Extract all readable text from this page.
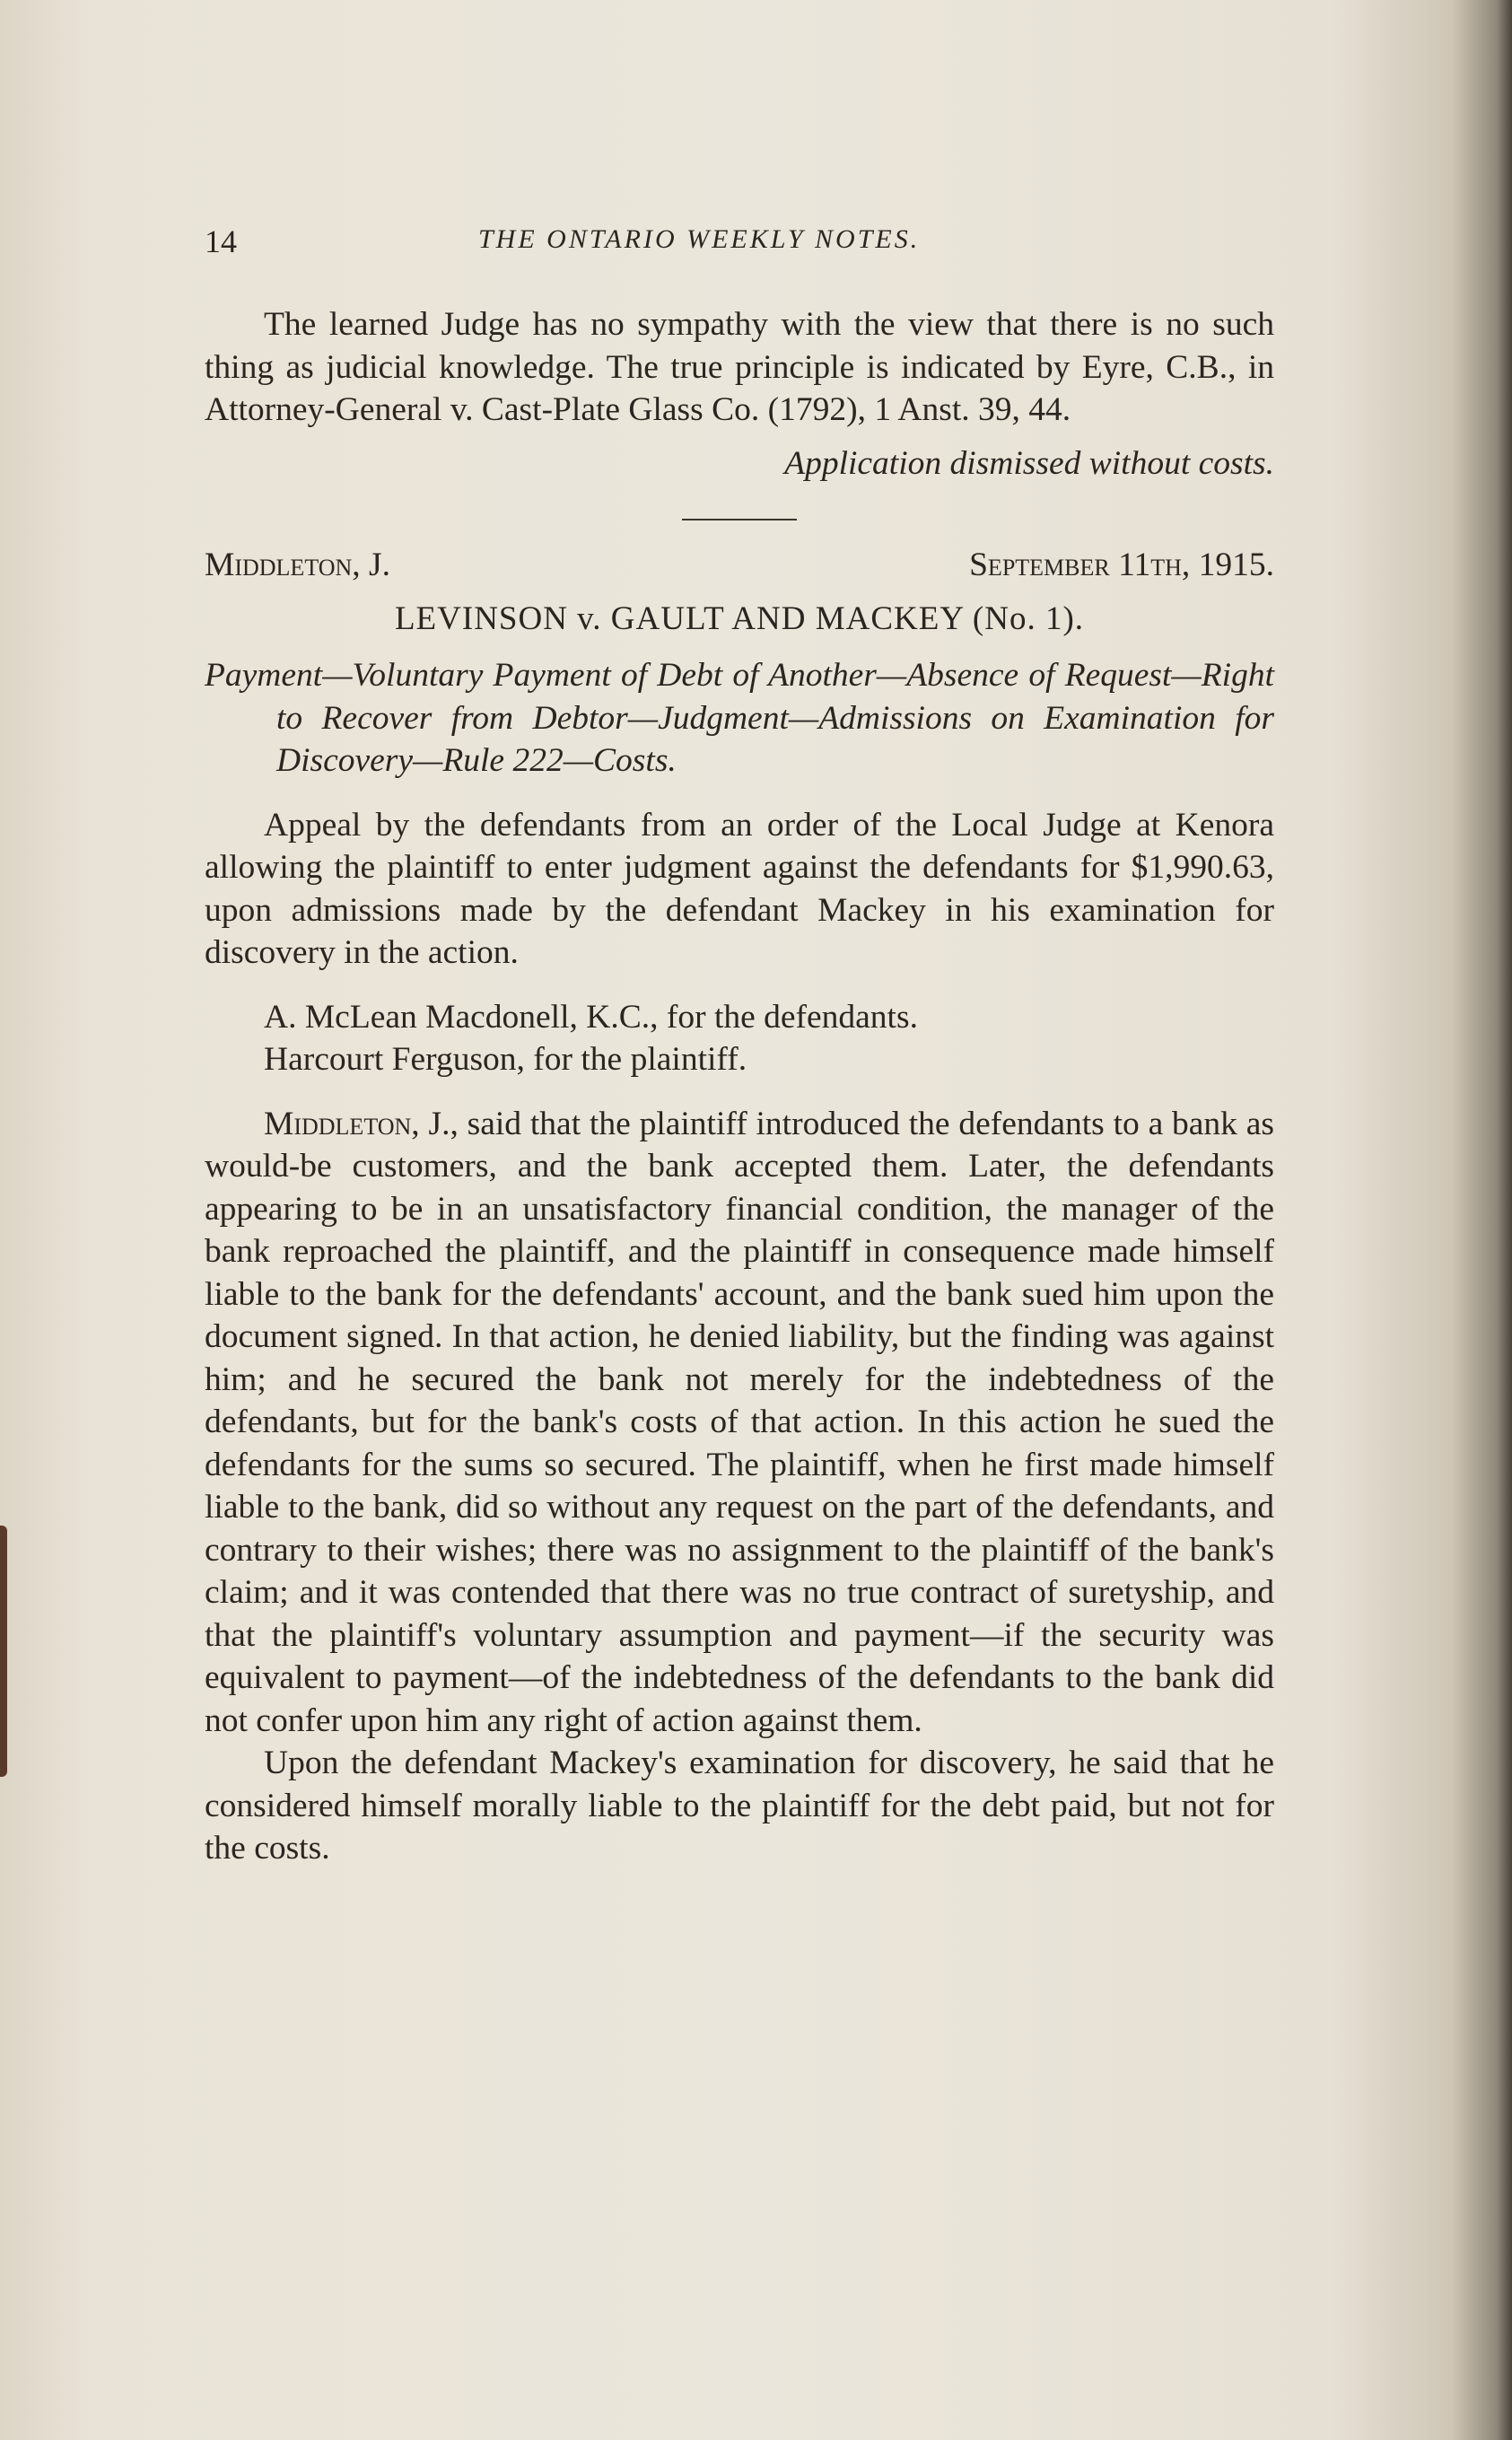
14	THE ONTARIO WEEKLY NOTES.

The learned Judge has no sympathy with the view that there is no such thing as judicial knowledge. The true principle is indicated by Eyre, C.B., in Attorney-General v. Cast-Plate Glass Co. (1792), 1 Anst. 39, 44.

Application dismissed without costs.

Middleton, J.	September 11th, 1915.

LEVINSON v. GAULT AND MACKEY (No. 1).

Payment—Voluntary Payment of Debt of Another—Absence of Request—Right to Recover from Debtor—Judgment—Admissions on Examination for Discovery—Rule 222—Costs.

Appeal by the defendants from an order of the Local Judge at Kenora allowing the plaintiff to enter judgment against the defendants for $1,990.63, upon admissions made by the defendant Mackey in his examination for discovery in the action.

A. McLean Macdonell, K.C., for the defendants.

Harcourt Ferguson, for the plaintiff.

Middleton, J., said that the plaintiff introduced the defendants to a bank as would-be customers, and the bank accepted them. Later, the defendants appearing to be in an unsatisfactory financial condition, the manager of the bank reproached the plaintiff, and the plaintiff in consequence made himself liable to the bank for the defendants' account, and the bank sued him upon the document signed. In that action, he denied liability, but the finding was against him; and he secured the bank not merely for the indebtedness of the defendants, but for the bank's costs of that action. In this action he sued the defendants for the sums so secured. The plaintiff, when he first made himself liable to the bank, did so without any request on the part of the defendants, and contrary to their wishes; there was no assignment to the plaintiff of the bank's claim; and it was contended that there was no true contract of suretyship, and that the plaintiff's voluntary assumption and payment—if the security was equivalent to payment—of the indebtedness of the defendants to the bank did not confer upon him any right of action against them.

Upon the defendant Mackey's examination for discovery, he said that he considered himself morally liable to the plaintiff for the debt paid, but not for the costs.
